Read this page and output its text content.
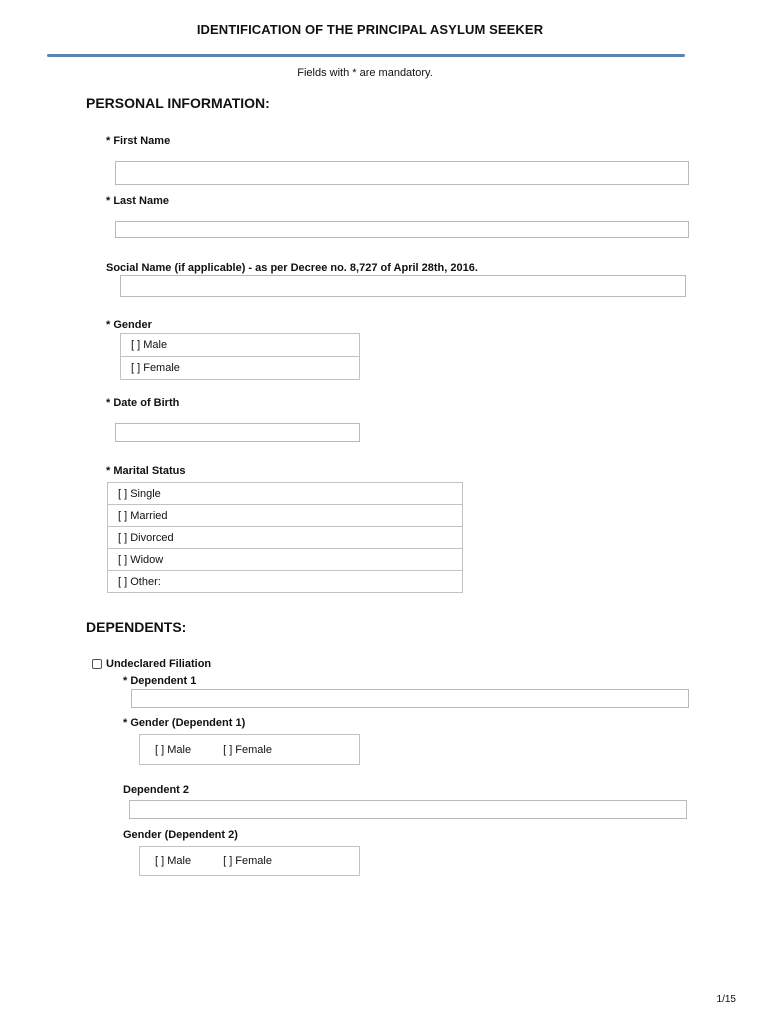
IDENTIFICATION OF THE PRINCIPAL ASYLUM SEEKER
Fields with * are mandatory.
PERSONAL INFORMATION:
* First Name
* Last Name
Social Name (if applicable) - as per Decree no. 8,727 of April 28th, 2016.
* Gender
[ ] Male
[ ] Female
* Date of Birth
* Marital Status
[ ] Single
[ ] Married
[ ] Divorced
[ ] Widow
[ ] Other:
DEPENDENTS:
Undeclared Filiation
* Dependent 1
* Gender (Dependent 1)
[ ] Male	[ ] Female
Dependent 2
Gender (Dependent 2)
[ ] Male	[ ] Female
1/15
